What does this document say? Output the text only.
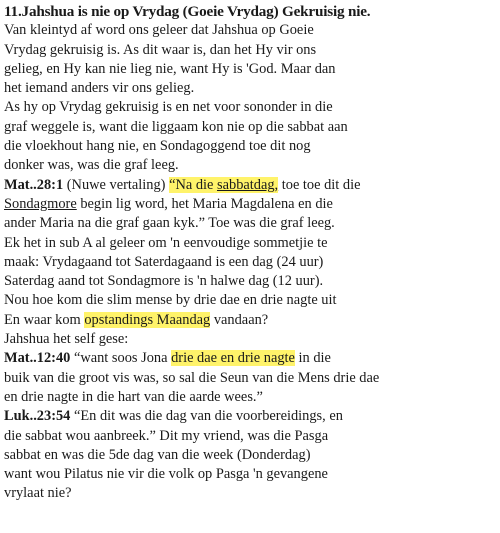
11.Jahshua is nie op Vrydag (Goeie Vrydag) Gekruisig nie.
Van kleintyd af word ons geleer dat Jahshua op Goeie
Vrydag gekruisig is. As dit waar is, dan het Hy vir ons
gelieg, en Hy kan nie lieg nie, want Hy is 'God. Maar dan
het iemand anders vir ons gelieg.
As hy op Vrydag gekruisig is en net voor sononder in die
graf weggele is, want die liggaam kon nie op die sabbat aan
die vloekhout hang nie, en Sondagoggend toe dit nog
donker was, was die graf leeg.
Mat..28:1 (Nuwe vertaling) “Na die sabbatdag, toe toe dit die
Sondagmore begin lig word, het Maria Magdalena en die
ander Maria na die graf gaan kyk.” Toe was die graf leeg.
Ek het in sub A al geleer om 'n eenvoudige sommetjie te
maak: Vrydagaand tot Saterdagaand is een dag (24 uur)
Saterdag aand tot Sondagmore is 'n halwe dag (12 uur).
Nou hoe kom die slim mense by drie dae en drie nagte uit
En waar kom opstandings Maandag vandaan?
Jahshua het self gese:
Mat..12:40 “want soos Jona drie dae en drie nagte in die
buik van die groot vis was, so sal die Seun van die Mens drie dae
en drie nagte in die hart van die aarde wees.”
Luk..23:54 “En dit was die dag van die voorbereidings, en
die sabbat wou aanbreek.” Dit my vriend, was die Pasga
sabbat en was die 5de dag van die week (Donderdag)
want wou Pilatus nie vir die volk op Pasga 'n gevangene
vrylaat nie?
